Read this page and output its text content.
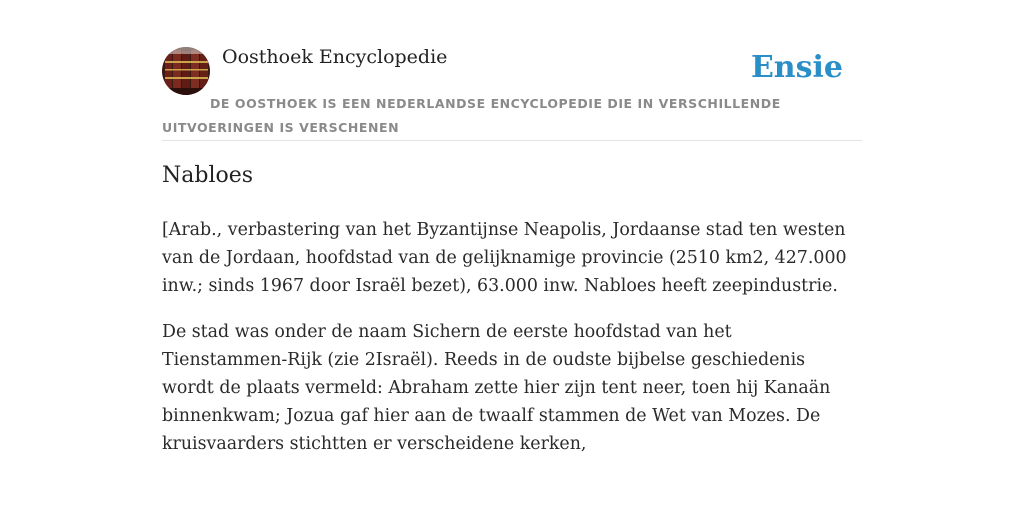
Oosthoek Encyclopedie	Ensie
DE OOSTHOEK IS EEN NEDERLANDSE ENCYCLOPEDIE DIE IN VERSCHILLENDE UITVOERINGEN IS VERSCHENEN
Nabloes

[Arab., verbastering van het Byzantijnse Neapolis, Jordaanse stad ten westen van de Jordaan, hoofdstad van de gelijknamige provincie (2510 km2, 427.000 inw.; sinds 1967 door Israël bezet), 63.000 inw. Nabloes heeft zeepindustrie.

De stad was onder de naam Sichern de eerste hoofdstad van het Tienstammen-Rijk (zie 2Israël). Reeds in de oudste bijbelse geschiedenis wordt de plaats vermeld: Abraham zette hier zijn tent neer, toen hij Kanaän binnenkwam; Jozua gaf hier aan de twaalf stammen de Wet van Mozes. De kruisvaarders stichtten er verscheidene kerken,
